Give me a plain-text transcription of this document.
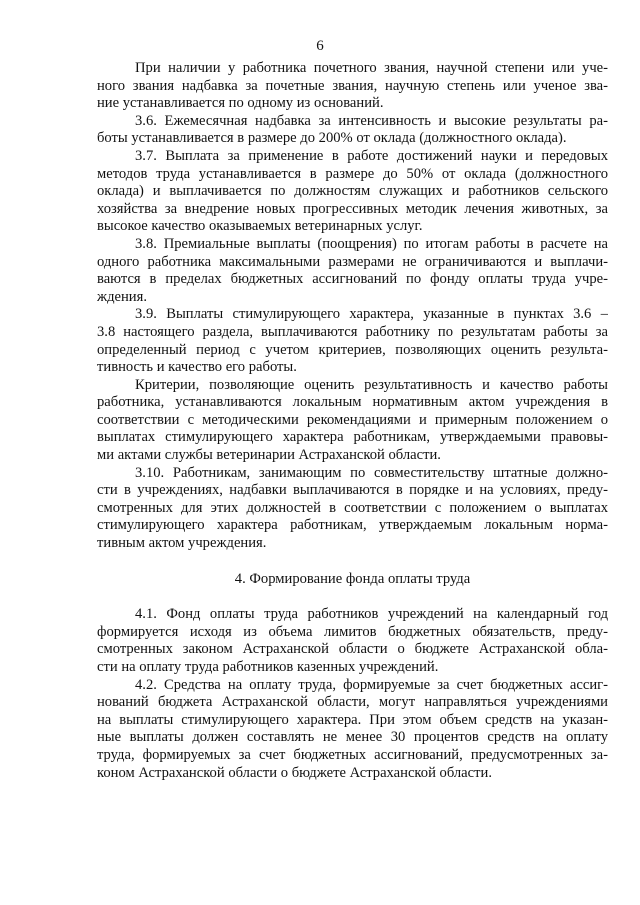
6
При наличии у работника почетного звания, научной степени или уче-
ного звания надбавка за почетные звания, научную степень или ученое зва-
ние устанавливается по одному из оснований.
3.6. Ежемесячная надбавка за интенсивность и высокие результаты ра-
боты устанавливается в размере до 200% от оклада (должностного оклада).
3.7. Выплата за применение в работе достижений науки и передовых
методов труда устанавливается в размере до 50% от оклада (должностного
оклада) и выплачивается по должностям служащих и работников сельского
хозяйства за внедрение новых прогрессивных методик лечения животных, за
высокое качество оказываемых ветеринарных услуг.
3.8. Премиальные выплаты (поощрения) по итогам работы в расчете на
одного работника максимальными размерами не ограничиваются и выплачи-
ваются в пределах бюджетных ассигнований по фонду оплаты труда учре-
ждения.
3.9. Выплаты стимулирующего характера, указанные в пунктах 3.6 –
3.8 настоящего раздела, выплачиваются работнику по результатам работы за
определенный период с учетом критериев, позволяющих оценить результа-
тивность и качество его работы.
Критерии, позволяющие оценить результативность и качество работы
работника, устанавливаются локальным нормативным актом учреждения в
соответствии с методическими рекомендациями и примерным положением о
выплатах стимулирующего характера работникам, утверждаемыми правовы-
ми актами службы ветеринарии Астраханской области.
3.10. Работникам, занимающим по совместительству штатные должно-
сти в учреждениях, надбавки выплачиваются в порядке и на условиях, преду-
смотренных для этих должностей в соответствии с положением о выплатах
стимулирующего характера работникам, утверждаемым локальным норма-
тивным актом учреждения.
4. Формирование фонда оплаты труда
4.1. Фонд оплаты труда работников учреждений на календарный год
формируется исходя из объема лимитов бюджетных обязательств, преду-
смотренных законом Астраханской области о бюджете Астраханской обла-
сти на оплату труда работников казенных учреждений.
4.2. Средства на оплату труда, формируемые за счет бюджетных ассиг-
нований бюджета Астраханской области, могут направляться учреждениями
на выплаты стимулирующего характера. При этом объем средств на указан-
ные выплаты должен составлять не менее 30 процентов средств на оплату
труда, формируемых за счет бюджетных ассигнований, предусмотренных за-
коном Астраханской области о бюджете Астраханской области.
